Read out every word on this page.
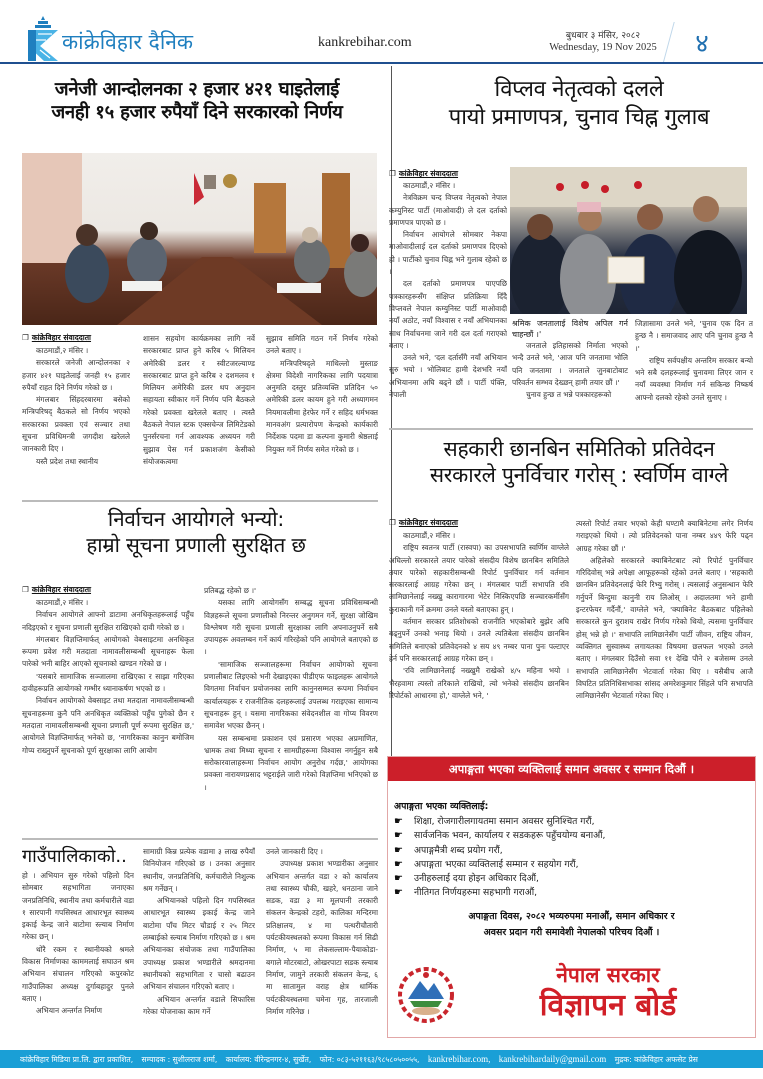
कांक्रेविहार दैनिक	kankrebihar.com	बुधबार ३ मंसिर, २०८२
Wednesday, 19 Nov 2025	४
जनेजी आन्दोलनका २ हजार ४२१ घाइतेलाई
जनही १५ हजार रुपैयाँ दिने सरकारको निर्णय
❐ कांक्रेविहार संवाददाता

काठमाडौं,२ मंसिर ।

सरकारले जनेजी आन्दोलनका २ हजार ४२१ घाइतेलाई जनही १५ हजार रुपैयाँ राहत दिने निर्णय गरेको छ ।

मंगलबार सिंहदरबारमा बसेको मन्त्रिपरिषद् बैठकले सो निर्णय भएको सरकारका प्रवक्ता एवं सञ्चार तथा सूचना प्रविधिमन्त्री जगदीश खरेलले जानकारी दिए ।

यस्तै प्रदेश तथा स्थानीय

शासन सहयोग कार्यक्रमका लागि नर्वे सरकारबाट प्राप्त हुने करिब ५ मिलियन अमेरिकी डलर र स्वीटजरल्याण्ड सरकारबाट प्राप्त हुने करिब २ दशमलव १ मिलियन अमेरिकी डलर थप अनुदान सहायता स्वीकार गर्ने निर्णय पनि बैठकले गरेको प्रवक्ता खरेलले बताए । त्यस्तै बैठकले नेपाल स्टक एक्सचेन्ज लिमिटेडको पुनर्संरचना गर्न आवश्यक अध्ययन गरी सुझाव पेस गर्न प्रकाशजंग केसीको संयोजकत्वमा

सुझाव समिति गठन गर्ने निर्णय गरेको उनले बताए ।

मन्त्रिपरिषद्ले माथिल्लो मुस्ताङ क्षेत्रमा विदेशी नागरिकका लागि पदयात्रा अनुमति दस्तुर प्रतिव्यक्ति प्रतिदिन ५० अमेरिकी डलर कायम हुने गरी अध्यागमन नियमावलीमा हेरफेर गर्ने र सहिद धर्मभक्त मानवअंग प्रत्यारोपण केन्द्रको कार्यकारी निर्देशक पदमा डा कल्पना कुमारी श्रेष्ठलाई नियुक्त गर्ने निर्णय समेत गरेको छ ।

विप्लव नेतृत्वको दलले
पायो प्रमाणपत्र, चुनाव चिह्न गुलाब
❐ कांक्रेविहार संवाददाता

काठमाडौं,२ मंसिर ।

नेत्रविक्रम चन्द विप्लव नेतृत्वको नेपाल कम्युनिस्ट पार्टी (माओवादी) ले दल दर्ताको प्रमाणपत्र पाएको छ ।

निर्वाचन आयोगले सोमबार नेकपा माओवादीलाई दल दर्ताको प्रमाणपत्र दिएको हो । पार्टीको चुनाव चिह्न भने गुलाब रहेको छ ।

दल दर्ताको प्रमाणपत्र पाएपछि पत्रकारहरूसँग संक्षिप्त प्रतिक्रिया दिँदै विप्लवले नेपाल कम्युनिस्ट पार्टी माओवादी नयाँ अठोट, नयाँ विश्वास र नयाँ अभियानका साथ निर्वाचनमा जाने गरी दल दर्ता गराएको बताए ।

उनले भने, 'दल दर्तासँगै नयाँ अभियान सुरु भयो । भोलिबाट हामी देशभरि नयाँ अभियानमा अघि बढ्ने छौं । पार्टी पंक्ति, नेपाली

श्रमिक जनतालाई विशेष अपिल गर्न चाहन्छौं ।'

जनताले इतिहासको निर्माता भएको भन्दै उनले भने, 'आज पनि जनतामा भोलि पनि जनतामा । जनताले जुनबाटोबाट परिवर्तन सम्भव देख्छन् हामी तयार छौं ।'

चुनाव हुन्छ त भन्ने पत्रकारहरूको

जिज्ञासामा उनले भने, 'चुनाव एक दिन त हुन्छ नै । समाजवाद आए पनि चुनाव हुन्छ नै ।'

राष्ट्रिय सर्वपक्षीय अन्तरिम सरकार बन्यो भने सबै दलहरूलाई चुनावमा लिएर जान र नयाँ व्यवस्था निर्माण गर्न सकिन्छ निष्कर्ष आफ्नो दलको रहेको उनले सुनाए ।

सहकारी छानबिन समितिको प्रतिवेदन
सरकारले पुनर्विचार गरोस् : स्वर्णिम वाग्ले
❐ कांक्रेविहार संवाददाता

काठमाडौं,२ मंसिर ।

राष्ट्रिय स्वतन्त्र पार्टी (रास्वपा) का उपसभापति स्वर्णिम वाग्लेले अघिल्लो सरकारले तयार पारेको संसदीय विशेष छानबिन समितिले तयार पारेको सहकारीसम्बन्धी रिपोर्ट पुनर्विचार गर्न वर्तमान सरकारलाई आग्रह गरेका छन् । मंगलबार पार्टी सभापति रवि लामिछानेलाई नख्खु कारागारमा भेटेर निस्किएपछि सञ्चारकर्मीसँग कुराकानी गर्ने क्रममा उनले यस्तो बताएका हुन् ।

वर्तमान सरकार प्रतिशोधको राजनीति भएकोबारे बुझेर अघि बढ्नुपर्ने उनको भनाइ थियो । उनले त्यतिबेला संसदीय छानबिन समितिले बनाएको प्रतिवेदनको ४ सय ४९ नम्बर पाना पुनः पल्टाएर हेर्न पनि सरकारलाई आग्रह गरेका छन् ।

'रवि लामिछानेलाई नख्खुमै राखेको ४/५ महिना भयो । भैरहवामा त्यस्तो तरिकाले राखियो, त्यो भनेको संसदीय छानबिन रिपोर्टको आधारमा हो,' वाग्लेले भने, '

त्यस्तो रिपोर्ट तयार भएको केही घण्टामै क्याबिनेटमा लगेर निर्णय गराइएको थियो । त्यो प्रतिवेदनको पाना नम्बर ४४९ फेरि पढ्न आग्रह गरेका छौं ।'

अहिलेको सरकारले क्याबिनेटबाट त्यो रिपोर्ट पुनर्विचार गरिदिवोस् भन्ने अपेक्षा आफूहरूको रहेको उनले बताए । 'सहकारी छानबिन प्रतिवेदनलाई फेरि रिभ्यु गरोस् । त्यसलाई अनुसन्धान फेरि गर्नुपर्ने बिन्दुमा कानुनी राय लिओस् । अदालतमा भने हामी इन्टरफेयर गर्दैनौं,' वाग्लेले भने, 'क्याबिनेट बैठकबाट पहिलेको सरकारले कुन दुराशय राखेर निर्णय गरेको थियो, त्यसमा पुनर्विचार होस् भन्ने हो ।' सभापति लामिछानेसँग पार्टी जीवन, राष्ट्रिय जीवन, व्यक्तिगत सुस्वास्थ्य लगायतका विषयमा छलफल भएको उनले बताए । मंगलबार दिउँसो सवा ११ देखि पौने २ बजेसम्म उनले सभापति लामिछानेसँग भेटवार्ता गरेका थिए । यसैबीच आजै विघटित प्रतिनिधिसभाका सांसद अमरेशकुमार सिंहले पनि सभापति लामिछानेसँग भेटवार्ता गरेका थिए ।

निर्वाचन आयोगले भन्यो:
हाम्रो सूचना प्रणाली सुरक्षित छ
❐ कांक्रेविहार संवाददाता

काठमाडौं,२ मंसिर ।

निर्वाचन आयोगले आफ्नो डाटामा अनधिकृतहरूलाई पहुँच नदिइएको र सूचना प्रणाली सुरक्षित राखिएको दावी गरेको छ ।

मंगलबार विज्ञप्तिमार्फत् आयोगको वेबसाइटमा अनधिकृत रूपमा प्रवेश गरी मतदाता नामावलीसम्बन्धी सूचनाहरू फेला पारेको भनी बाहिर आएको सूचनाको खण्डन गरेको छ ।

'यसबारे सामाजिक सञ्जालमा राखिएका र साझा गरिएका दावीहरूप्रति आयोगको गम्भीर ध्यानाकर्षण भएको छ ।

निर्वाचन आयोगको वेबसाइट तथा मतदाता नामावलीसम्बन्धी सूचनाहरूमा कुनै पनि अनधिकृत व्यक्तिको पहुँच पुगेको छैन र मतदाता नामावलीसम्बन्धी सूचना प्रणाली पूर्ण रूपमा सुरक्षित छ,' आयोगले विज्ञप्तिमार्फत् भनेको छ, 'नागरिकका कानुन बमोजिम गोप्य राख्नुपर्ने सूचनाको पूर्ण सुरक्षाका लागि आयोग

प्रतिबद्ध रहेको छ ।'

यसका लागि आयोगसँग सम्बद्ध सूचना प्रविधिसम्बन्धी विज्ञहरूले सूचना प्रणालीको निरन्तर अनुगमन गर्ने, सुरक्षा जोखिम विश्लेषण गरी सूचना प्रणाली सुरक्षाका लागि अपनाउनुपर्ने सबै उपायहरू अवलम्बन गर्ने कार्य गरिरहेको पनि आयोगले बताएको छ ।

'सामाजिक सञ्जालहरूमा निर्वाचन आयोगको सूचना प्रणालीबाट लिइएको भनी देखाइएका पीडीएफ फाइलहरू आयोगले विगतमा निर्वाचन प्रयोजनका लागि कानुनसम्मत रूपमा निर्वाचन कार्यालयहरू र राजनीतिक दलहरूलाई उपलब्ध गराइएका सामान्य सूचनाहरू हुन् । यसमा नागरिकका संवेदनशील वा गोप्य विवरण समावेश भएका छैनन् ।

यस सम्बन्धमा प्रकाशन एवं प्रसारण भएका अप्रमाणित, भ्रामक तथा मिथ्या सूचना र सामग्रीहरूमा विश्वास नगर्नुहुन सबै सरोकारवालाहरूमा निर्वाचन आयोग अनुरोध गर्दछ,' आयोगका प्रवक्ता नारायणप्रसाद भट्टराईले जारी गरेको विज्ञप्तिमा भनिएको छ ।

गाउँपालिकाको..

हो । अभियान सुरु गरेको पहिलो दिन सोमबार सहभागिता जनाएका जनप्रतिनिधि, स्थानीय तथा कर्मचारीले वडा १ सारपानी गपसिस्थत आधारभूत स्वास्थ्य इकाई केन्द्र जाने बाटोमा स्ल्याब निर्माण गरेका छन् ।

थोरै रकम र स्थानीयको श्रमले विकास निर्माणका काममलाई सघाउन श्रम अभियान संचालन गरिएको कपुरकोट गाउँपालिका अध्यक्ष दुर्गाबहादुर पुनले बताए ।

अभियान अन्तर्गत निर्माण

सामाग्री किन्न प्रत्येक वडामा ३ लाख रुपैयाँ विनियोजन गरिएको छ । उनका अनुसार स्थानीय, जनप्रतिनिधि, कर्मचारीले निशुल्क श्रम गर्नेछन् ।

अभियानको पहिलो दिन गपसिस्थत आधारभूत स्वास्थ्य इकाई केन्द्र जाने बाटोमा पाँच मिटर चौडाई र २५ मिटर लम्बाईको स्ल्याब निर्माण गरिएको छ । श्रम अभियानका संयोजक तथा गाउँपालिका उपाध्यक्ष प्रकाश भण्डारीले श्रमदानमा स्थानीयको सहभागिता र चासो बढाउन अभियान संचालन गरिएको बताए ।

अभियान अन्तर्गत वडाले सिफारिस गरेका योजनाका काम गर्ने

उनले जानकारी दिए ।

उपाध्यक्ष प्रकाश भण्डारीका अनुसार अभियान अन्तर्गत वडा २ को कार्यालय तथा स्वास्थ्य चौकी, खहरे, धनठाना जाने सडक, वडा ३ मा मूलपानी तरकारी संकलन केन्द्रको टहरो, कालिका मन्दिरमा प्रतिक्षालय, ४ मा पत्थरीचौतारी पर्यटकीयस्थलको रूपमा विकास गर्न सिढी निर्माण, ५ मा लेकसल्लाम-पैयाकोडा-बगाले मोटरबाटो, ओखरपाटा सडक स्ल्याब निर्माण, जामुने तरकारी संकलन केन्द्र, ६ मा सातामुल वराह क्षेत्र धार्मिक पर्यटकीयस्थलमा चमेना गृह, तारजाली निर्माण गरिनेछ ।

अपाङ्गता भएका व्यक्तिलाई समान अवसर र सम्मान दिऔं ।
अपाङ्गता भएका व्यक्तिलाई:
☛ शिक्षा, रोजगारीलगायतमा समान अवसर सुनिश्चित गरौं,
☛ सार्वजनिक भवन, कार्यालय र सडकहरू पहुँचयोग्य बनाऔं,
☛ अपाङ्गमैत्री शब्द प्रयोग गरौं,
☛ अपाङ्गता भएका व्यक्तिलाई सम्मान र सहयोग गरौं,
☛ उनीहरुलाई दया होइन अधिकार दिऔं,
☛ नीतिगत निर्णयहरुमा सहभागी गराऔं,
अपाङ्गता दिवस, २०८२ भव्यरुपमा मनाऔं, समान अधिकार र
अवसर प्रदान गरी समावेशी नेपालको परिचय दिऔं ।
नेपाल सरकार
विज्ञापन बोर्ड
कांक्रेविहार मिडिया प्रा.लि. द्वारा प्रकाशित, सम्पादक : सुशीलराज शर्मा, कार्यालय: वीरेन्द्रनगर-४, सुर्खेत, फोन: ०८३-५२११६३/९८५८०५००५५, kankrebihar.com, kankrebihardaily@gmail.com मुद्रक: कांक्रेविहार अफसेट प्रेस
